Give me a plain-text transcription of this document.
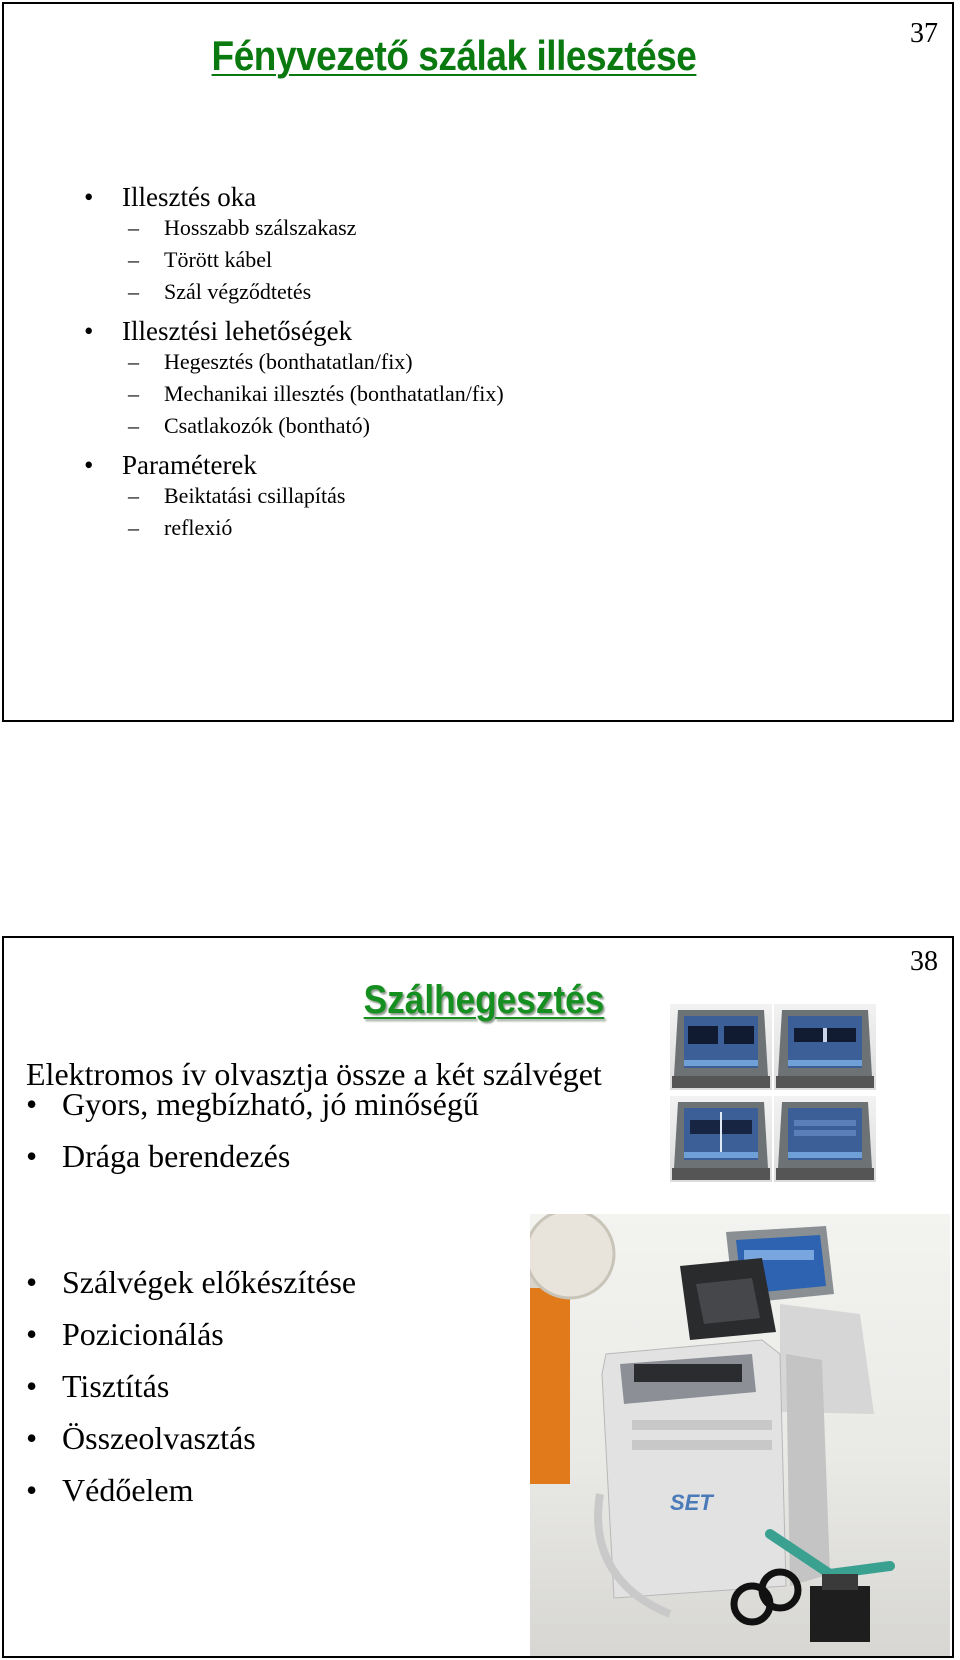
37
Fényvezető szálak illesztése
• Illesztés oka
– Hosszabb szálszakasz
– Törött kábel
– Szál végződtetés
• Illesztési lehetőségek
– Hegesztés (bonthatatlan/fix)
– Mechanikai illesztés (bonthatatlan/fix)
– Csatlakozók (bontható)
• Paraméterek
– Beiktatási csillapítás
– reflexió
38
Szálhegesztés
Elektromos ív olvasztja össze a két szálvéget
• Gyors, megbízható, jó minőségű
• Drága berendezés
• Szálvégek előkészítése
• Pozicionálás
• Tisztítás
• Összeolvasztás
• Védőelem	SET
